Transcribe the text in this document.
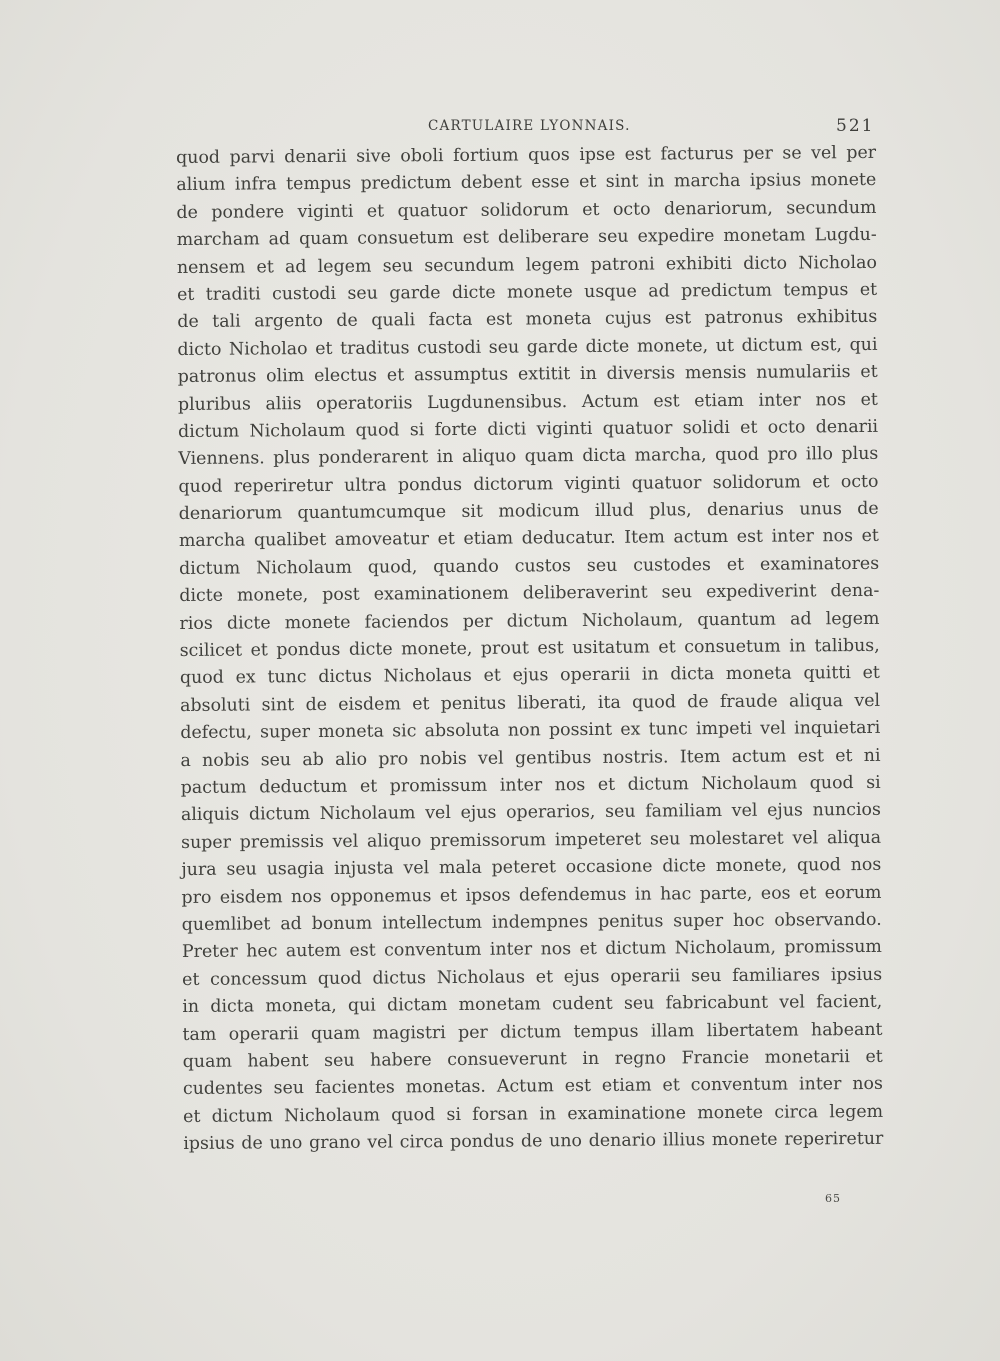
CARTULAIRE LYONNAIS.	521
quod parvi denarii sive oboli fortium quos ipse est facturus per se vel per
alium infra tempus predictum debent esse et sint in marcha ipsius monete
de pondere viginti et quatuor solidorum et octo denariorum, secundum
marcham ad quam consuetum est deliberare seu expedire monetam Lugdu-
nensem et ad legem seu secundum legem patroni exhibiti dicto Nicholao
et traditi custodi seu garde dicte monete usque ad predictum tempus et
de tali argento de quali facta est moneta cujus est patronus exhibitus
dicto Nicholao et traditus custodi seu garde dicte monete, ut dictum est, qui
patronus olim electus et assumptus extitit in diversis mensis numulariis et
pluribus aliis operatoriis Lugdunensibus. Actum est etiam inter nos et
dictum Nicholaum quod si forte dicti viginti quatuor solidi et octo denarii
Viennens. plus ponderarent in aliquo quam dicta marcha, quod pro illo plus
quod reperiretur ultra pondus dictorum viginti quatuor solidorum et octo
denariorum quantumcumque sit modicum illud plus, denarius unus de
marcha qualibet amoveatur et etiam deducatur. Item actum est inter nos et
dictum Nicholaum quod, quando custos seu custodes et examinatores
dicte monete, post examinationem deliberaverint seu expediverint dena-
rios dicte monete faciendos per dictum Nicholaum, quantum ad legem
scilicet et pondus dicte monete, prout est usitatum et consuetum in talibus,
quod ex tunc dictus Nicholaus et ejus operarii in dicta moneta quitti et
absoluti sint de eisdem et penitus liberati, ita quod de fraude aliqua vel
defectu, super moneta sic absoluta non possint ex tunc impeti vel inquietari
a nobis seu ab alio pro nobis vel gentibus nostris. Item actum est et ni
pactum deductum et promissum inter nos et dictum Nicholaum quod si
aliquis dictum Nicholaum vel ejus operarios, seu familiam vel ejus nuncios
super premissis vel aliquo premissorum impeteret seu molestaret vel aliqua
jura seu usagia injusta vel mala peteret occasione dicte monete, quod nos
pro eisdem nos opponemus et ipsos defendemus in hac parte, eos et eorum
quemlibet ad bonum intellectum indempnes penitus super hoc observando.
Preter hec autem est conventum inter nos et dictum Nicholaum, promissum
et concessum quod dictus Nicholaus et ejus operarii seu familiares ipsius
in dicta moneta, qui dictam monetam cudent seu fabricabunt vel facient,
tam operarii quam magistri per dictum tempus illam libertatem habeant
quam habent seu habere consueverunt in regno Francie monetarii et
cudentes seu facientes monetas. Actum est etiam et conventum inter nos
et dictum Nicholaum quod si forsan in examinatione monete circa legem
ipsius de uno grano vel circa pondus de uno denario illius monete reperiretur
65
